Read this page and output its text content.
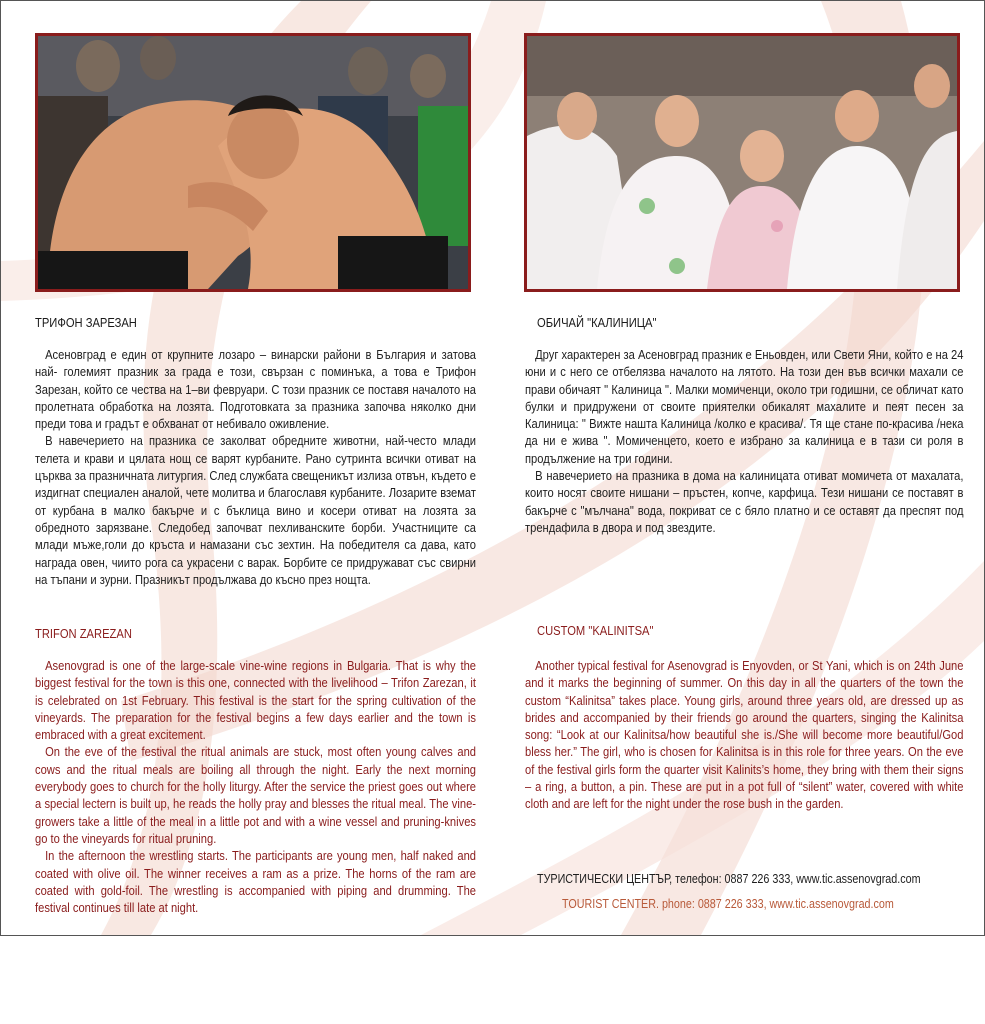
ТРИФОН ЗАРЕЗАН

Асеновград е един от крупните лозаро – винарски райони в България и затова най- големият празник за града е този, свързан с поминъка, а това е Трифон Зарезан, който се чества на 1–ви февруари. С този празник се поставя началото на пролетната обработка на лозята. Подготовката за празника започва няколко дни преди това и градът е обхванат от небивало оживление.

В навечерието на празника се заколват обредните животни, най-често млади телета и крави и цялата нощ се варят курбаните. Рано сутринта всички отиват на църква за празничната литургия. След службата свещеникът излиза отвън, където е издигнат специален аналой, чете молитва и благославя курбаните. Лозарите вземат от курбана в малко бакърче и с бъклица вино и косери отиват на лозята за обредното зарязване. Следобед започват пехливанските борби. Участниците са млади мъже,голи до кръста и намазани със зехтин. На победителя са дава, като награда овен, чиито рога са украсени с варак. Борбите се придружават със свирни на тъпани и зурни. Празникът продължава до късно през нощта.

TRIFON ZAREZAN

Asenovgrad is one of the large-scale vine-wine regions in Bulgaria. That is why the biggest festival for the town is this one, connected with the livelihood – Trifon Zarezan, it is celebrated on 1st February. This festival is the start for the spring cultivation of the vineyards. The preparation for the festival begins a few days earlier and the town is embraced with a great excitement.

On the eve of the festival the ritual animals are stuck, most often young calves and cows and the ritual meals are boiling all through the night. Early the next morning everybody goes to church for the holly liturgy. After the service the priest goes out where a special lectern is built up, he reads the holly pray and blesses the ritual meal. The vine-growers take a little of the meal in a little pot and with a wine vessel and pruning-knives go to the vineyards for ritual pruning.

In the afternoon the wrestling starts. The participants are young men, half naked and coated with olive oil. The winner receives a ram as a prize. The horns of the ram are coated with gold-foil. The wrestling is accompanied with piping and drumming. The festival continues till late at night.

ОБИЧАЙ "КАЛИНИЦА"

Друг характерен за Асеновград празник е Еньовден, или Свети Яни, който е на 24 юни и с него се отбелязва началото на лятото. На този ден във всички махали се прави обичаят " Калиница ". Малки момиченци, около три годишни, се обличат като булки и придружени от своите приятелки обикалят махалите и пеят песен за Калиница: " Вижте нашта Калиница /колко е красива/. Тя ще стане по-красива /нека да ни е жива ". Момиченцето, което е избрано за калиница е в тази си роля в продължение на три години.

В навечерието на празника в дома на калиницата отиват момичета от махалата, които носят своите нишани – пръстен, копче, карфица. Тези нишани се поставят в бакърче с "мълчана" вода, покриват се с бяло платно и се оставят да преспят под трендафила в двора и под звездите.

CUSTOM "KALINITSA"

Another typical festival for Asenovgrad is Enyovden, or St Yani, which is on 24th June and it marks the beginning of summer. On this day in all the quarters of the town the custom “Kalinitsa” takes place. Young girls, around three years old, are dressed up as brides and accompanied by their friends go around the quarters, singing the Kalinitsa song: “Look at our Kalinitsa/how beautiful she is./She will become more beautiful/God bless her.” The girl, who is chosen for Kalinitsa is in this role for three years. On the eve of the festival girls form the quarter visit Kalinits’s home, they bring with them their signs – a ring, a button, a pin. These are put in a pot full of “silent” water, covered with white cloth and are left for the night under the rose bush in the garden.

ТУРИСТИЧЕСКИ ЦЕНТЪР, телефон: 0887 226 333, www.tic.assenovgrad.com
TOURIST CENTER. phone: 0887 226 333, www.tic.assenovgrad.com
